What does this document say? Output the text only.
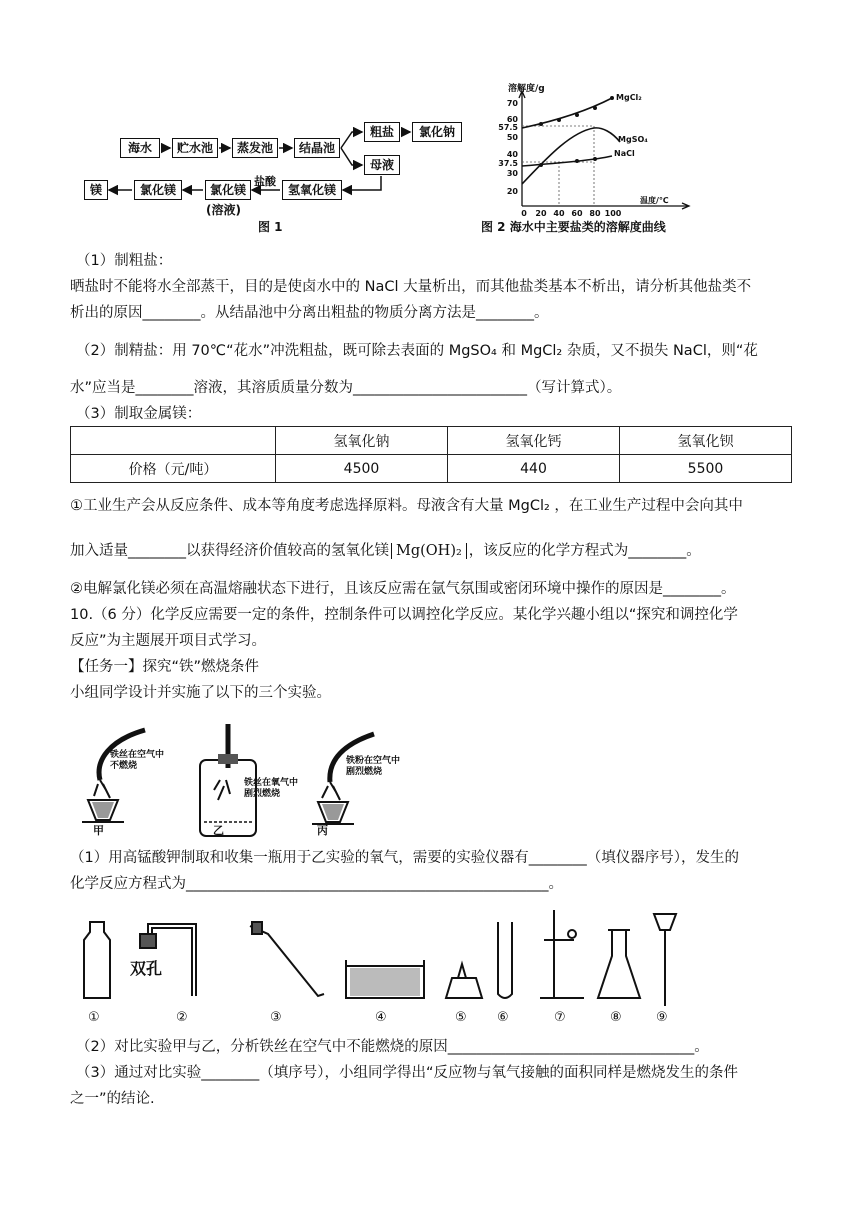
海水	贮水池	蒸发池	结晶池
粗盐	氯化钠
母液
氢氧化镁
氯化镁
(溶液)
氯化镁
镁
盐酸
图 1
溶解度/g
70
60
57.5
50
40
37.5
30
20
0 20 40 60 80 100
MgCl₂
MgSO₄
NaCl
温度/℃
图 2 海水中主要盐类的溶解度曲线
（1）制粗盐：
晒盐时不能将水全部蒸干，目的是使卤水中的 NaCl 大量析出，而其他盐类基本不析出，请分析其他盐类不
析出的原因________。从结晶池中分离出粗盐的物质分离方法是________。
（2）制精盐：用 70℃“花水”冲洗粗盐，既可除去表面的 MgSO₄ 和 MgCl₂ 杂质，又不损失 NaCl，则“花
水”应当是________溶液，其溶质质量分数为________________________（写计算式）。
（3）制取金属镁：
	氢氧化钠	氢氧化钙	氢氧化钡
价格（元/吨）	4500	440	5500
①工业生产会从反应条件、成本等角度考虑选择原料。母液含有大量 MgCl₂ ，在工业生产过程中会向其中
加入适量________以获得经济价值较高的氢氧化镁 Mg(OH)₂ ，该反应的化学方程式为________。
②电解氯化镁必须在高温熔融状态下进行，且该反应需在氩气氛围或密闭环境中操作的原因是________。
10.（6 分）化学反应需要一定的条件，控制条件可以调控化学反应。某化学兴趣小组以“探究和调控化学
反应”为主题展开项目式学习。
【任务一】探究“铁”燃烧条件
小组同学设计并实施了以下的三个实验。
铁丝在空气中不燃烧
甲
铁丝在氧气中剧烈燃烧
乙
铁粉在空气中剧烈燃烧
丙
（1）用高锰酸钾制取和收集一瓶用于乙实验的氧气，需要的实验仪器有________（填仪器序号），发生的
化学反应方程式为__________________________________________________。
双孔
①	②	③	④	⑤ ⑥	⑦	⑧	⑨
（2）对比实验甲与乙，分析铁丝在空气中不能燃烧的原因__________________________________。
（3）通过对比实验________（填序号），小组同学得出“反应物与氧气接触的面积同样是燃烧发生的条件
之一”的结论.
